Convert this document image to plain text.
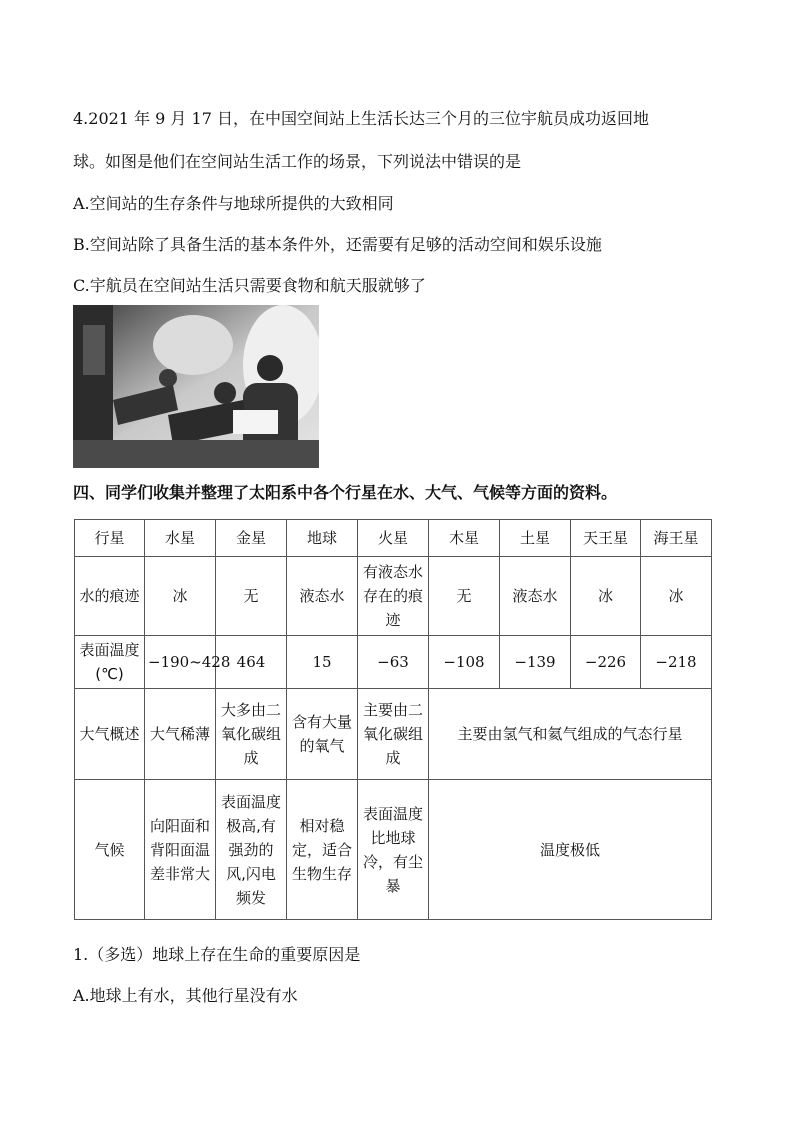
4.2021 年 9 月 17 日，在中国空间站上生活长达三个月的三位宇航员成功返回地
球。如图是他们在空间站生活工作的场景，下列说法中错误的是
A.空间站的生存条件与地球所提供的大致相同
B.空间站除了具备生活的基本条件外，还需要有足够的活动空间和娱乐设施
C.宇航员在空间站生活只需要食物和航天服就够了
四、同学们收集并整理了太阳系中各个行星在水、大气、气候等方面的资料。
行星	水星	金星	地球	火星	木星	土星	天王星	海王星
水的痕迹	冰	无	液态水	有液态水存在的痕迹	无	液态水	冰	冰
表面温度(℃)	−190~428	464	15	−63	−108	−139	−226	−218
大气概述	大气稀薄	大多由二氧化碳组成	含有大量的氧气	主要由二氧化碳组成	主要由氢气和氦气组成的气态行星			
气候	向阳面和背阳面温差非常大	表面温度极高,有强劲的风,闪电频发	相对稳定，适合生物生存	表面温度比地球 冷，有尘暴	温度极低			
1.（多选）地球上存在生命的重要原因是
A.地球上有水，其他行星没有水
